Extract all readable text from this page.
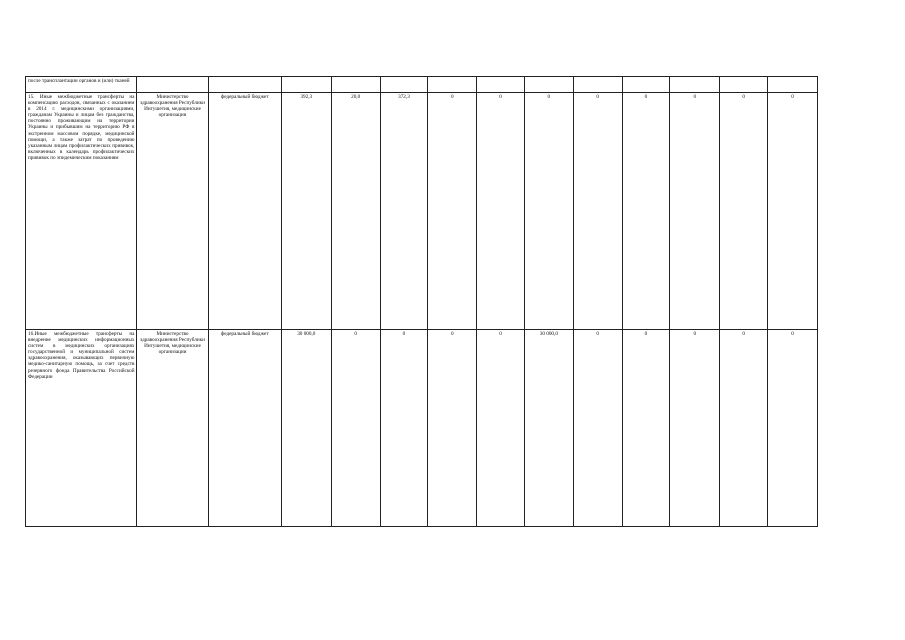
после трансплантации органов и (или) тканей													
15. Иные межбюджетные трансферты на компенсацию расходов, связанных с оказанием в 2014 г. медицинскими организациями, гражданам Украины и лицам без гражданства, постоянно проживающим на территории Украины и прибывшим на территорию РФ в экстренном массовом порядке, медицинской помощи, а также затрат по проведению указанным лицам профилактических прививок, включенных в календарь профилактических прививок по эпидемическим показаниям	Министерство здравоохранения Республики Ингушетия, медицинские организации	федеральный бюджет	392,3	20,0	372,3	0	0	0	0	0	0	0	0
16.Иные межбюджетные трансферты на внедрение медицинских информационных систем в медицинских организациях государственной и муниципальной систем здравоохранения, оказывающих первичную медико-санитарную помощь, за счет средств резервного фонда Правительства Российской Федерации	Министерство здравоохранения Республики Ингушетия, медицинские организации	федеральный бюджет	30 000,0	0	0	0	0	30 000,0	0	0	0	0	0
